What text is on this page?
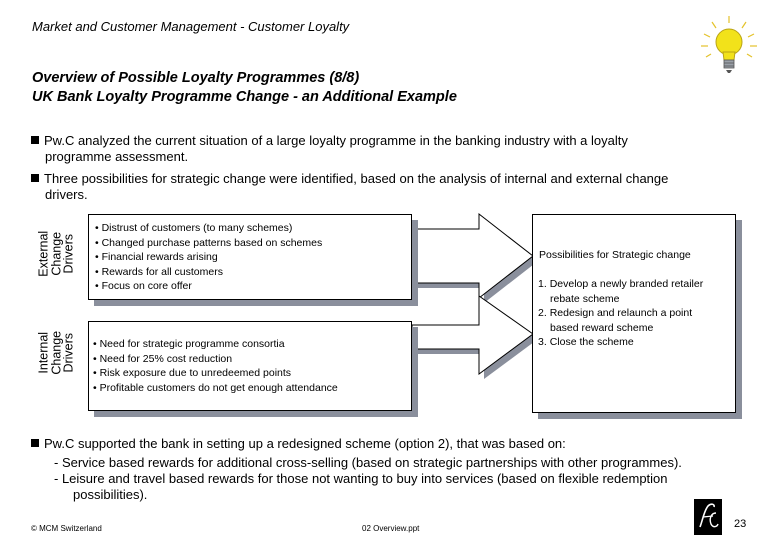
Market and Customer Management - Customer Loyalty
Overview of Possible Loyalty Programmes (8/8)
UK Bank Loyalty Programme Change - an Additional Example
Pw.C analyzed the current situation of a large loyalty programme in the banking industry with a loyalty
programme assessment.
Three possibilities for strategic change were identified, based on the analysis of internal and external change
drivers.
External
Change
Drivers
Internal
Change
Drivers
• Distrust of customers (to many schemes)
• Changed purchase patterns based on schemes
• Financial rewards arising
• Rewards for all customers
• Focus on core offer
• Need for strategic programme consortia
• Need for 25% cost reduction
• Risk exposure due to unredeemed points
• Profitable customers do not get enough attendance
Possibilities for Strategic change
1. Develop a newly branded retailer
rebate scheme
2. Redesign and relaunch a point
based reward scheme
3. Close the scheme
Pw.C supported the bank in setting up a redesigned scheme (option 2), that was based on:
- Service based rewards for additional cross-selling (based on strategic partnerships with other programmes).
- Leisure and travel based rewards for those not wanting to buy into services (based on flexible redemption
possibilities).
© MCM Switzerland	02 Overview.ppt	23
